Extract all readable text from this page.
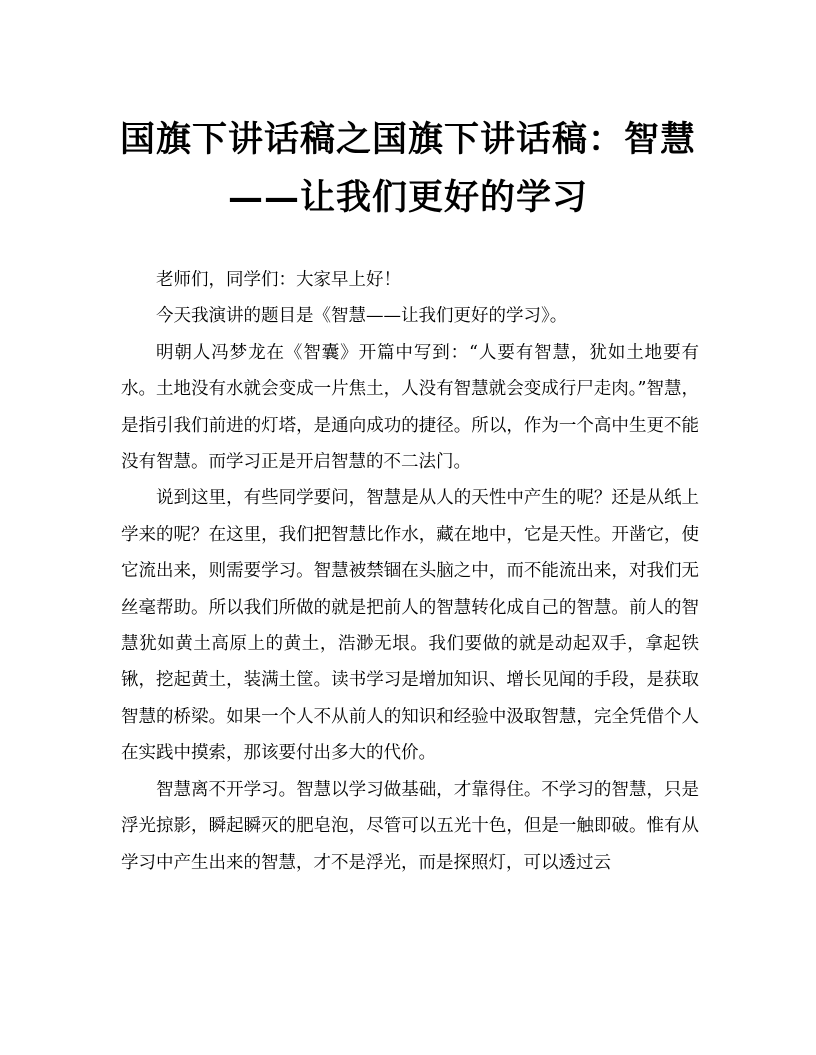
国旗下讲话稿之国旗下讲话稿：智慧
——让我们更好的学习

老师们，同学们：大家早上好！

今天我演讲的题目是《智慧——让我们更好的学习》。

明朝人冯梦龙在《智囊》开篇中写到：“人要有智慧，犹如土地要有水。土地没有水就会变成一片焦土，人没有智慧就会变成行尸走肉。”智慧，是指引我们前进的灯塔，是通向成功的捷径。所以，作为一个高中生更不能没有智慧。而学习正是开启智慧的不二法门。

说到这里，有些同学要问，智慧是从人的天性中产生的呢？还是从纸上学来的呢？在这里，我们把智慧比作水，藏在地中，它是天性。开凿它，使它流出来，则需要学习。智慧被禁锢在头脑之中，而不能流出来，对我们无丝毫帮助。所以我们所做的就是把前人的智慧转化成自己的智慧。前人的智慧犹如黄土高原上的黄土，浩渺无垠。我们要做的就是动起双手，拿起铁锹，挖起黄土，装满土筐。读书学习是增加知识、增长见闻的手段，是获取智慧的桥梁。如果一个人不从前人的知识和经验中汲取智慧，完全凭借个人在实践中摸索，那该要付出多大的代价。

智慧离不开学习。智慧以学习做基础，才靠得住。不学习的智慧，只是浮光掠影，瞬起瞬灭的肥皂泡，尽管可以五光十色，但是一触即破。惟有从学习中产生出来的智慧，才不是浮光，而是探照灯，可以透过云
